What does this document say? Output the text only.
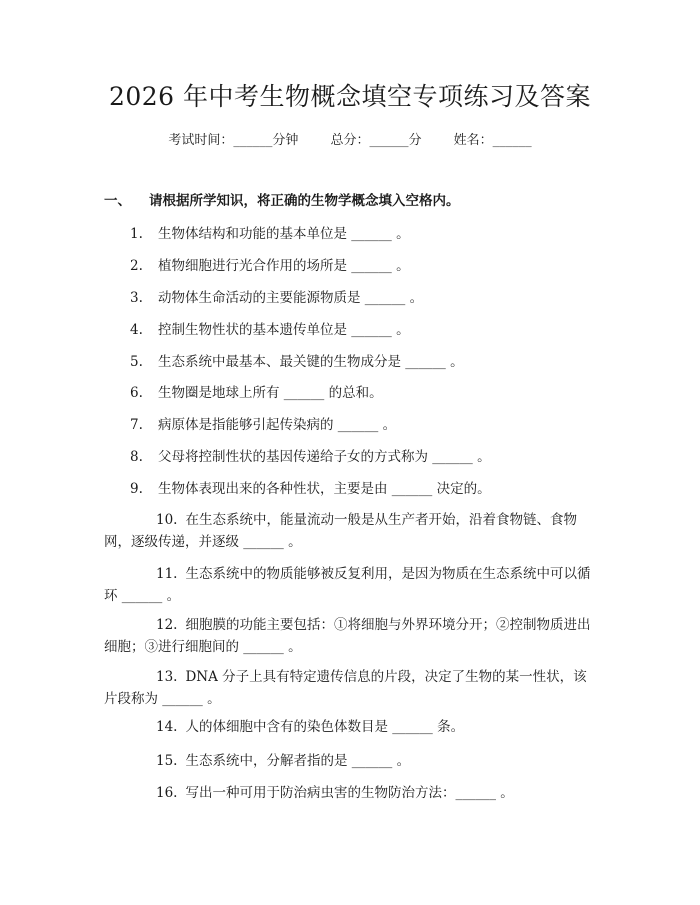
2026 年中考生物概念填空专项练习及答案
考试时间：______分钟 总分：______分 姓名：______
一、 请根据所学知识，将正确的生物学概念填入空格内。
1. 生物体结构和功能的基本单位是 ______ 。
2. 植物细胞进行光合作用的场所是 ______ 。
3. 动物体生命活动的主要能源物质是 ______ 。
4. 控制生物性状的基本遗传单位是 ______ 。
5. 生态系统中最基本、最关键的生物成分是 ______ 。
6. 生物圈是地球上所有 ______ 的总和。
7. 病原体是指能够引起传染病的 ______ 。
8. 父母将控制性状的基因传递给子女的方式称为 ______ 。
9. 生物体表现出来的各种性状，主要是由 ______ 决定的。
10. 在生态系统中，能量流动一般是从生产者开始，沿着食物链、食物网，逐级传递，并逐级 ______ 。
11. 生态系统中的物质能够被反复利用，是因为物质在生态系统中可以循环 ______ 。
12. 细胞膜的功能主要包括：①将细胞与外界环境分开；②控制物质进出细胞；③进行细胞间的 ______ 。
13. DNA 分子上具有特定遗传信息的片段，决定了生物的某一性状，该片段称为 ______ 。
14. 人的体细胞中含有的染色体数目是 ______ 条。
15. 生态系统中，分解者指的是 ______ 。
16. 写出一种可用于防治病虫害的生物防治方法：______ 。
